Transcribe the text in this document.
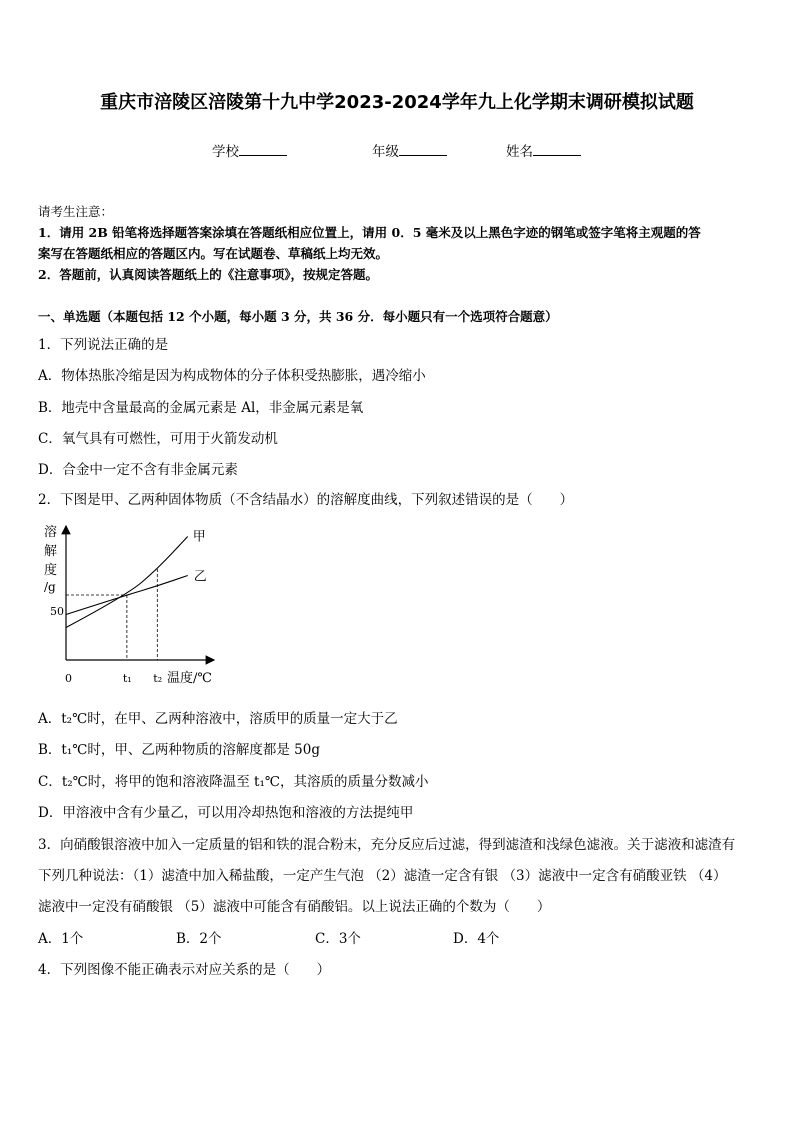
重庆市涪陵区涪陵第十九中学2023-2024学年九上化学期末调研模拟试题
学校	年级	姓名
请考生注意：
1．请用 2B 铅笔将选择题答案涂填在答题纸相应位置上，请用 0．5 毫米及以上黑色字迹的钢笔或签字笔将主观题的答
案写在答题纸相应的答题区内。写在试题卷、草稿纸上均无效。
2．答题前，认真阅读答题纸上的《注意事项》，按规定答题。
一、单选题（本题包括 12 个小题，每小题 3 分，共 36 分．每小题只有一个选项符合题意）
1．下列说法正确的是
A．物体热胀冷缩是因为构成物体的分子体积受热膨胀，遇冷缩小
B．地壳中含量最高的金属元素是 Al，非金属元素是氧
C．氧气具有可燃性，可用于火箭发动机
D．合金中一定不含有非金属元素
2．下图是甲、乙两种固体物质（不含结晶水）的溶解度曲线，下列叙述错误的是（　　）
溶
解
度
/g
50
0	t₁ t₂ 温度/℃
甲
乙
A．t₂℃时，在甲、乙两种溶液中，溶质甲的质量一定大于乙
B．t₁℃时，甲、乙两种物质的溶解度都是 50g
C．t₂℃时，将甲的饱和溶液降温至 t₁℃，其溶质的质量分数减小
D．甲溶液中含有少量乙，可以用冷却热饱和溶液的方法提纯甲
3．向硝酸银溶液中加入一定质量的铝和铁的混合粉末，充分反应后过滤，得到滤渣和浅绿色滤液。关于滤液和滤渣有
下列几种说法：（1）滤渣中加入稀盐酸，一定产生气泡 （2）滤渣一定含有银 （3）滤液中一定含有硝酸亚铁 （4）
滤液中一定没有硝酸银 （5）滤液中可能含有硝酸铝。以上说法正确的个数为（　　）
A．1个	B．2个	C．3个	D．4个
4．下列图像不能正确表示对应关系的是（　　）
